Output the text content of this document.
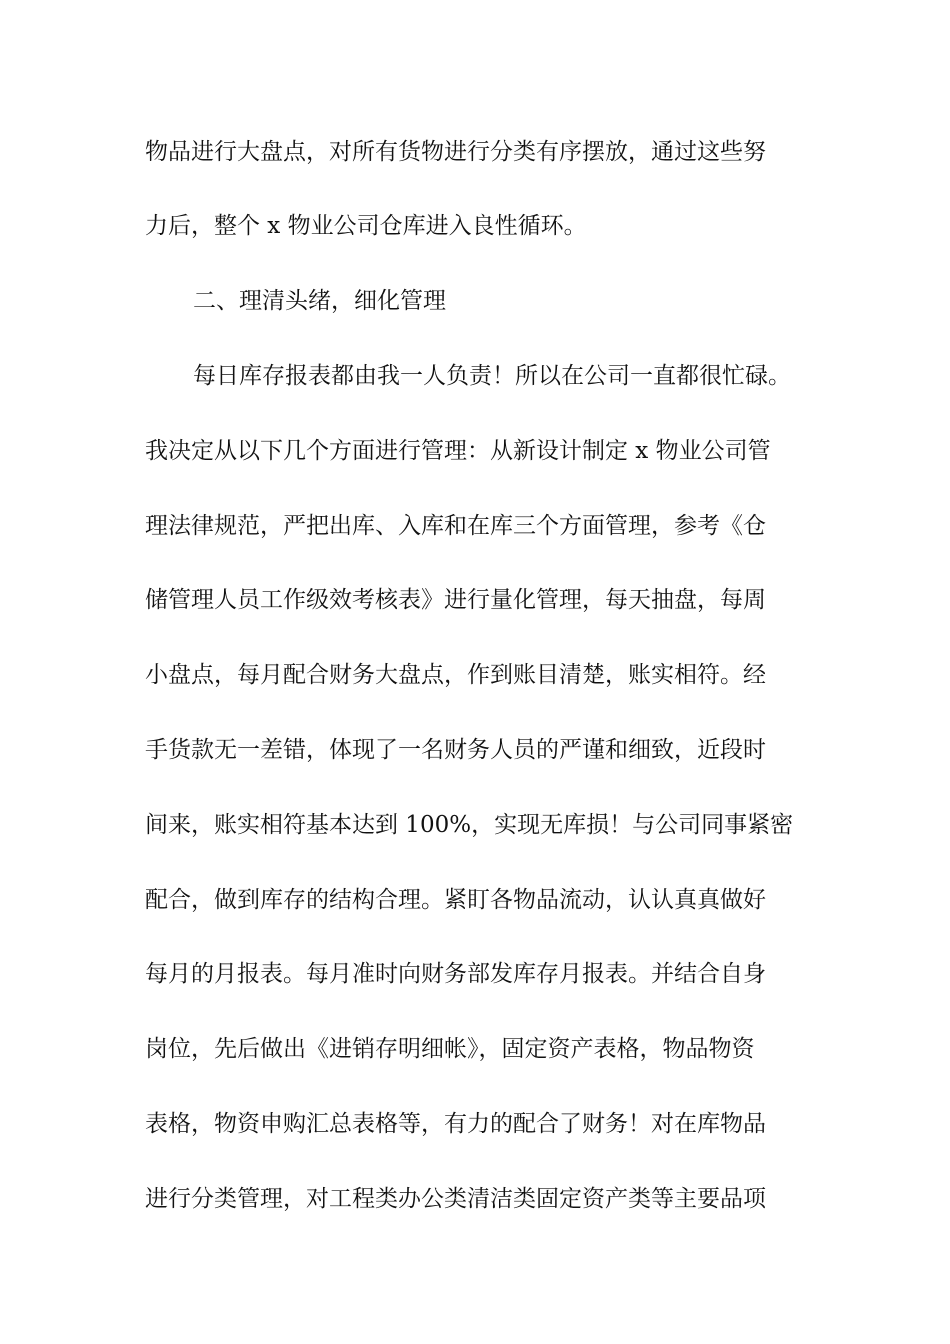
物品进行大盘点，对所有货物进行分类有序摆放，通过这些努
力后，整个 x 物业公司仓库进入良性循环。
二、理清头绪，细化管理
每日库存报表都由我一人负责！所以在公司一直都很忙碌。
我决定从以下几个方面进行管理：从新设计制定 x 物业公司管
理法律规范，严把出库、入库和在库三个方面管理，参考《仓
储管理人员工作级效考核表》进行量化管理，每天抽盘，每周
小盘点，每月配合财务大盘点，作到账目清楚，账实相符。经
手货款无一差错，体现了一名财务人员的严谨和细致，近段时
间来，账实相符基本达到 100%，实现无库损！与公司同事紧密
配合，做到库存的结构合理。紧盯各物品流动，认认真真做好
每月的月报表。每月准时向财务部发库存月报表。并结合自身
岗位，先后做出《进销存明细帐》，固定资产表格，物品物资
表格，物资申购汇总表格等，有力的配合了财务！对在库物品
进行分类管理，对工程类办公类清洁类固定资产类等主要品项
